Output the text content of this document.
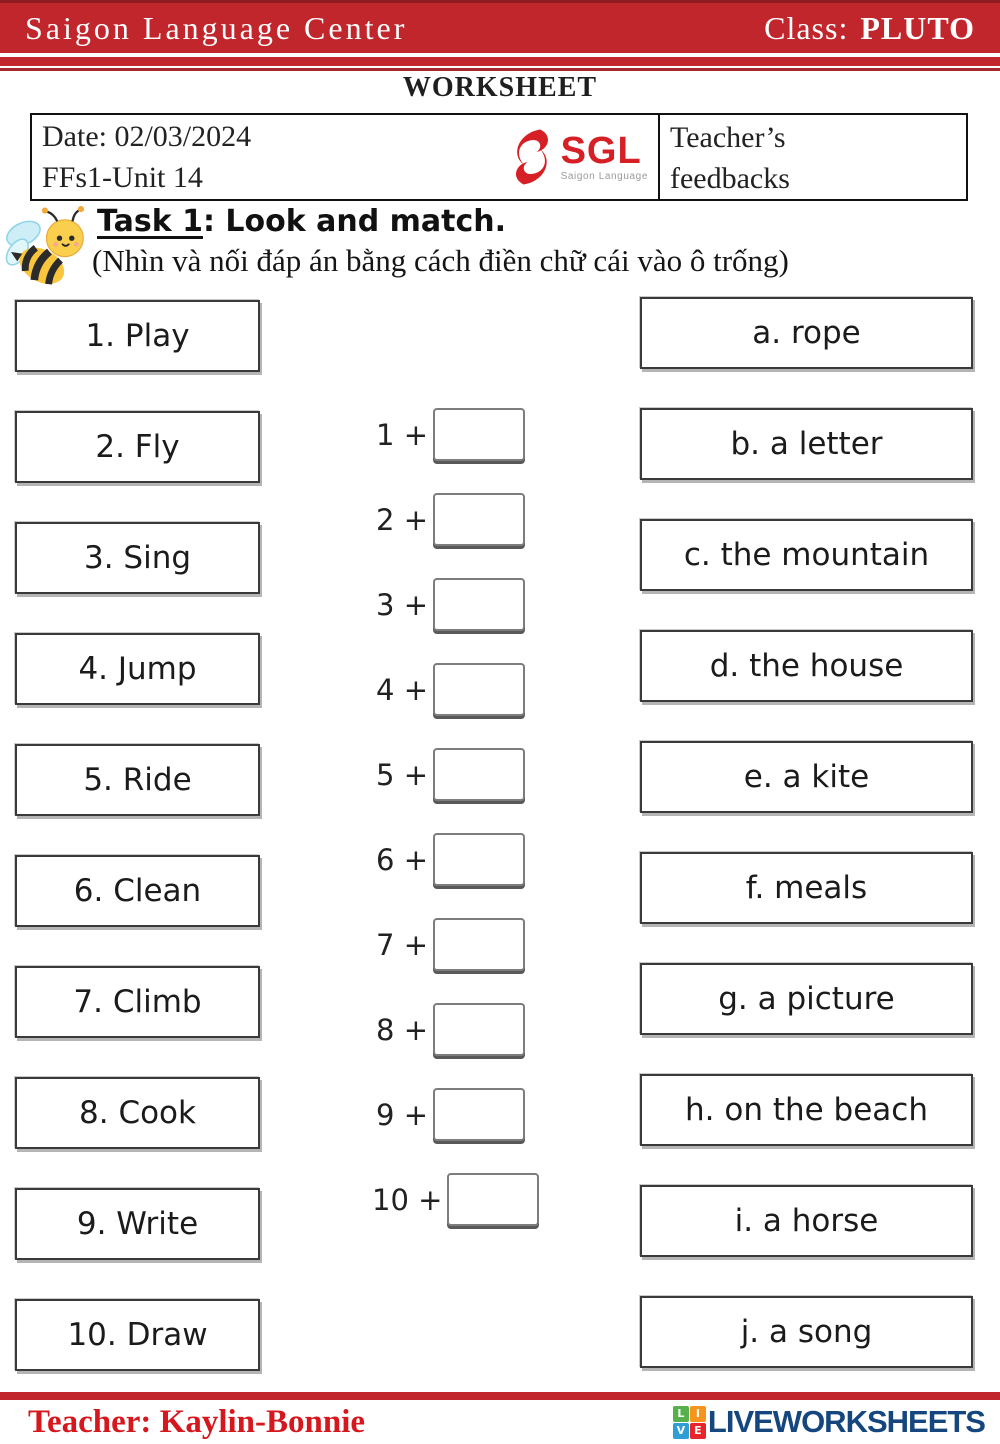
Saigon Language Center	Class: PLUTO
WORKSHEET
Date: 02/03/2024
FFs1-Unit 14
SGL
Saigon Language
Teacher’s
feedbacks
Task 1: Look and match.
(Nhìn và nối đáp án bằng cách điền chữ cái vào ô trống)
1. Play
2. Fly
3. Sing
4. Jump
5. Ride
6. Clean
7. Climb
8. Cook
9. Write
10. Draw
1 +
2 +
3 +
4 +
5 +
6 +
7 +
8 +
9 +
10 +
a. rope
b. a letter
c. the mountain
d. the house
e. a kite
f. meals
g. a picture
h. on the beach
i. a horse
j. a song
Teacher: Kaylin-Bonnie	L	I
V E LIVEWORKSHEETS
